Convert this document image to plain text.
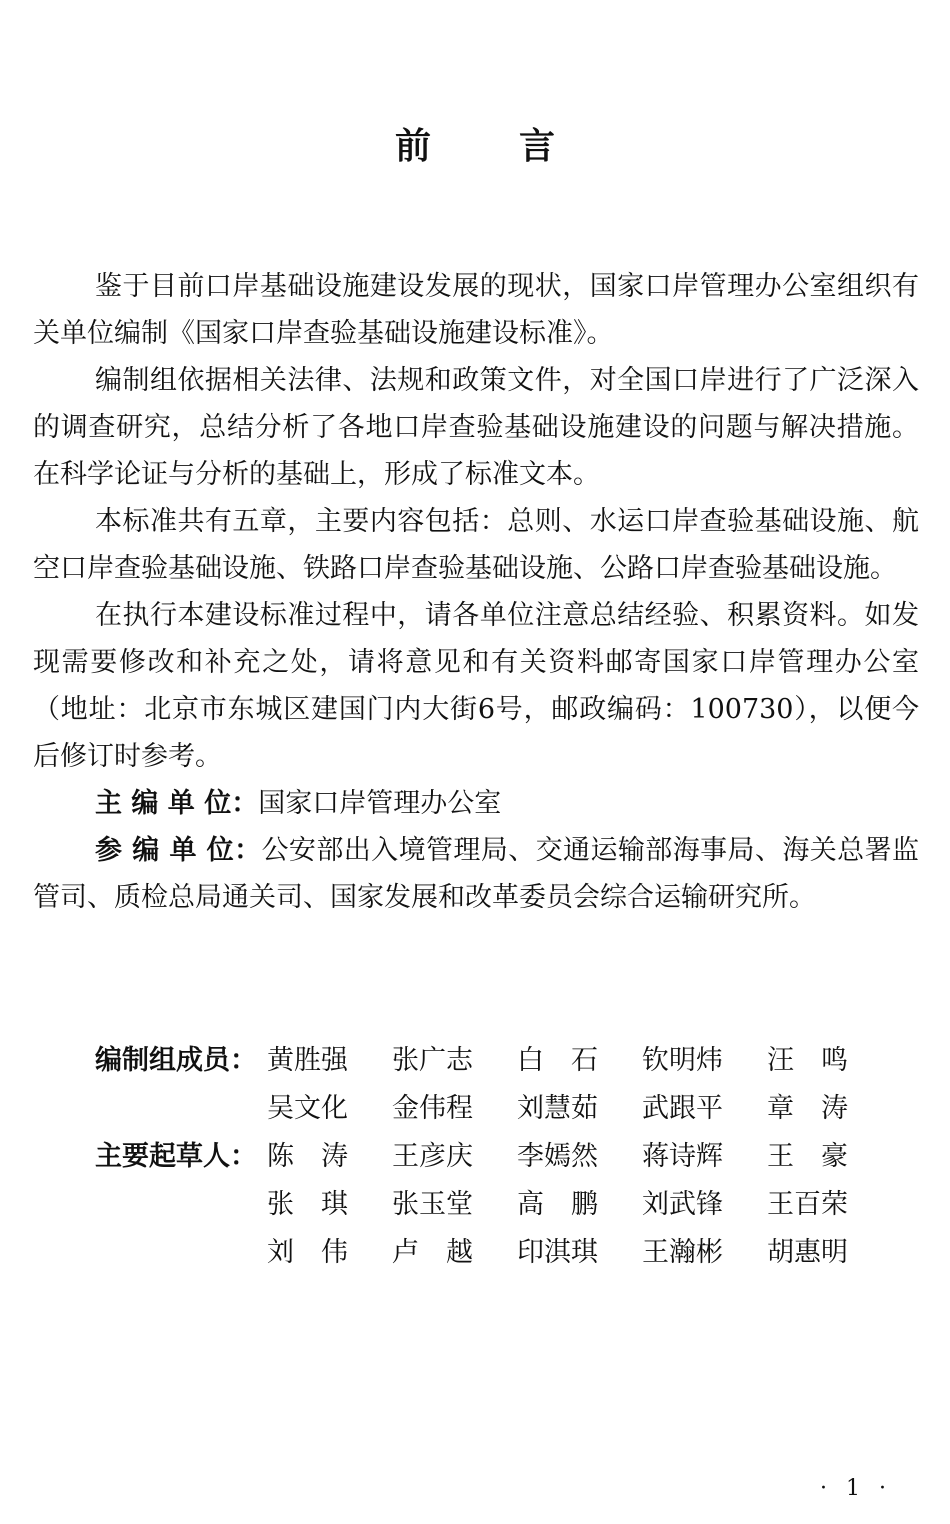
前言

鉴于目前口岸基础设施建设发展的现状，国家口岸管理办公室组织有关单位编制《国家口岸查验基础设施建设标准》。

编制组依据相关法律、法规和政策文件，对全国口岸进行了广泛深入的调查研究，总结分析了各地口岸查验基础设施建设的问题与解决措施。在科学论证与分析的基础上，形成了标准文本。

本标准共有五章，主要内容包括：总则、水运口岸查验基础设施、航空口岸查验基础设施、铁路口岸查验基础设施、公路口岸查验基础设施。

在执行本建设标准过程中，请各单位注意总结经验、积累资料。如发现需要修改和补充之处，请将意见和有关资料邮寄国家口岸管理办公室（地址：北京市东城区建国门内大街6号，邮政编码：100730），以便今后修订时参考。

主 编 单 位：国家口岸管理办公室

参 编 单 位：公安部出入境管理局、交通运输部海事局、海关总署监管司、质检总局通关司、国家发展和改革委员会综合运输研究所。

编制组成员： 黄胜强 张广志 白　石 钦明炜 汪　鸣
吴文化 金伟程 刘慧茹 武跟平 章　涛
主要起草人： 陈　涛 王彦庆 李嫣然 蒋诗辉 王　豪
张　琪 张玉堂 高　鹏 刘武锋 王百荣
刘　伟 卢　越 印淇琪 王瀚彬 胡惠明
· 1 ·
